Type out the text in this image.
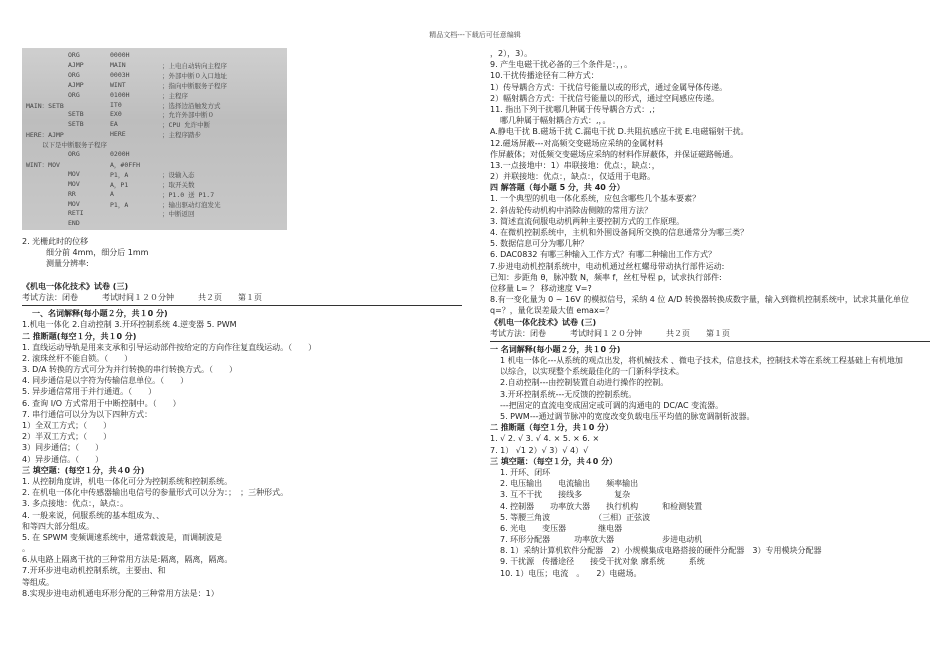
精品文档---下载后可任意编辑
ORG	0000H
AJMP	MAIN	；上电自动转向主程序
ORG	0003H	；外部中断０入口地址
AJMP	WINT	；指向中断服务子程序
ORG	0100H	；主程序
MAIN：SETB	IT0	；选择边沿触发方式
SETB	EX0	；允许外部中断０
SETB	EA	；CPU 允许中断
HERE：AJMP	HERE	；主程序踏步
以下是中断服务子程序
ORG	0200H
WINT：MOV	A，#0FFH
MOV	P1，A	；设输入态
MOV	A，P1	；取开关数
RR	A	；P1.0 送 P1.7
MOV	P1，A	；输出驱动灯泡发光
RETI	；中断返回
END
2. 光栅此时的位移
细分前 4mm，细分后 1mm
测量分辨率:
《机电一体化技术》试卷 (三)
考试方法：闭卷　　　考试时间１２０分钟　　　共２页　　第１页
一、名词解释(每小题２分，共１0 分)
1.机电一体化 2.自动控制 3.开环控制系统 4.逆变器 5. PWM
二 推断题(每空１分，共１0 分)
1. 直线运动导轨是用来支承和引导运动部件按给定的方向作往复直线运动。（　　）
2. 滚珠丝杆不能自锁。（　　）
3. D/A 转换的方式可分为并行转换的串行转换方式。（　　）
4. 同步通信是以字符为传输信息单位。（　　）
5. 异步通信常用于并行通道。（　　）
6. 查询 I/O 方式常用于中断控制中。（　　）
7. 串行通信可以分为以下四种方式：
1）全双工方式；（　　）
2）半双工方式；（　　）
3）同步通信；（　　）
4）异步通信。（　　）
三 填空题：(每空１分，共４0 分)
1. 从控制角度讲，机电一体化可分为控制系统和控制系统。
2. 在机电一体化中传感器输出电信号的参量形式可以分为：；　；三种形式。
3. 多点接地：优点：，缺点：。
4. 一般来说，伺服系统的基本组成为、、
和等四大部分组成。
5. 在 SPWM 变频调速系统中，通常载波是，而调制波是
。
6.从电路上隔离干扰的三种常用方法是:隔离，隔离，隔离。
7.开环步进电动机控制系统，主要由、和
等组成。
8.实现步进电动机通电环形分配的三种常用方法是：1）
，2），3）。
9. 产生电磁干扰必备的三个条件是：，，。
10.干扰传播途径有二种方式：
1）传导耦合方式：干扰信号能量以或的形式，通过金属导体传递。
2）幅射耦合方式：干扰信号能量以的形式，通过空间感应传递。
11. 指出下列干扰哪几种属于传导耦合方式：,；
哪几种属于幅射耦合方式：,，。
A.静电干扰 B.磁场干扰 C.漏电干扰 D.共阻抗感应干扰 E.电磁辐射干扰。
12.磁场屏蔽---对高频交变磁场应采纳的金属材料
作屏蔽体；对低频交变磁场应采纳的材料作屏蔽体，并保证磁路畅通。
13.一点接地中：1）串联接地：优点：，缺点：，
2）并联接地：优点：，缺点：，仅适用于电路。
四 解答题（每小题 5 分，共 40 分）
1. 一个典型的机电一体化系统，应包含哪些几个基本要素？
2. 斜齿轮传动机构中消除齿侧隙的常用方法？
3. 简述直流伺服电动机两种主要控制方式的工作原理。
4. 在微机控制系统中，主机和外围设备间所交换的信息通常分为哪三类？
5. 数据信息可分为哪几种？
6. DAC0832 有哪三种输入工作方式？有哪二种输出工作方式？
7.步进电动机控制系统中，电动机通过丝杠螺母带动执行部件运动:
已知：步距角 θ，脉冲数 N，频率 f，丝杠导程 p，试求执行部件:
位移量 L= ？ 移动速度 V=?
8.有一变化量为 0 ~ 16V 的模拟信号，采纳 4 位 A/D 转换器转换成数字量，输入到微机控制系统中，试求其量化单位
q=？，量化误差最大值 emax=？
《机电一体化技术》试卷 (三)
考试方法：闭卷　　　考试时间１２０分钟　　　共２页　　第１页
一 名词解释(每小题２分，共１0 分)
1 机电一体化---从系统的观点出发，将机械技术 、微电子技术，信息技术，控制技术等在系统工程基础上有机地加
以综合，以实现整个系统最佳化的一门新科学技术。
2.自动控制---由控制装置自动进行操作的控制。
3.开环控制系统---无反馈的控制系统。
---把固定的直流电变成固定或可调的沟通电的 DC/AC 变流器。
5. PWM---通过调节脉冲的宽度改变负载电压平均值的脉宽调制斩波器。
二 推断题（每空１分，共１0 分）
1. √ 2. √ 3. √ 4. × 5. × 6. ×
7. 1） √1 2）√ 3）√ 4）√
三 填空题：（每空１分，共４0 分）
1. 开环、闭环
2. 电压输出　　电流输出　　频率输出
3. 互不干扰　　接线多　　　　复杂
4. 控制器　　功率放大器　　执行机构　　　和检测装置
5. 等腰三角波　　　　　　（三相）正弦波
6. 光电　　变压器　　　　继电器
7. 环形分配器　　　功率放大器　　　　　　步进电动机
8. 1）采纳计算机软件分配器　2）小规模集成电路搭接的硬件分配器　3）专用模块分配器
9. 干扰源　传播途径　　接受干扰对象 廓系统　　　系统
10. 1）电压；电流　。　　2）电磁场。
